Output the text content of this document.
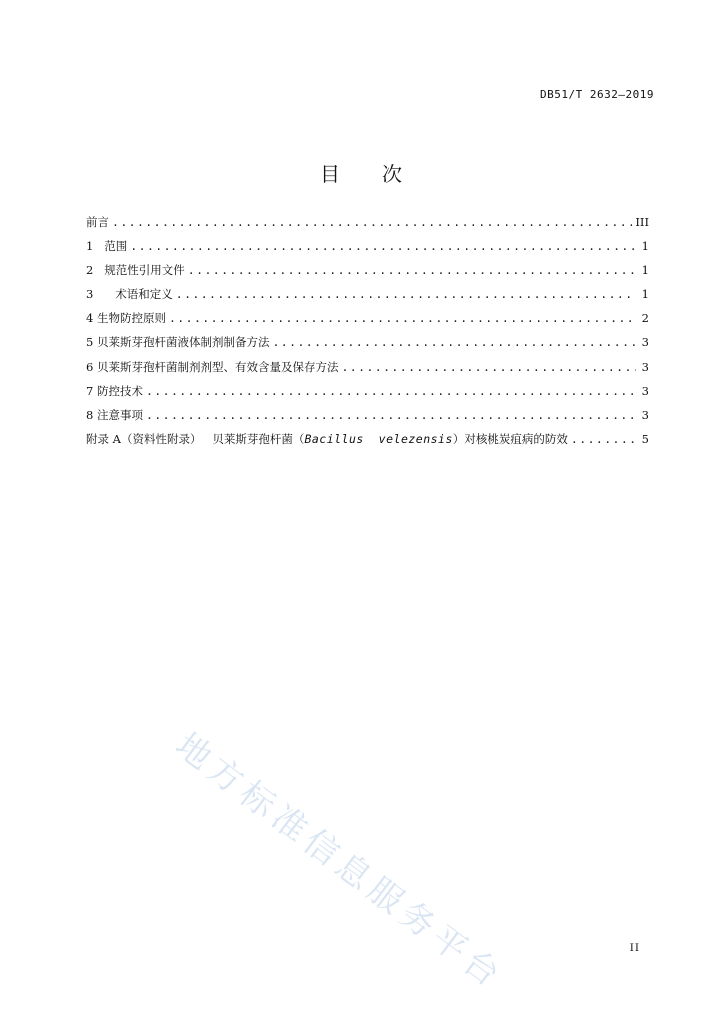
DB51/T 2632—2019
目 次
前言 .....	III
1   范围 .....	1
2   规范性引用文件 .....	1
3      术语和定义 .....	1
4 生物防控原则 .....	2
5 贝莱斯芽孢杆菌液体制剂制备方法 .....	3
6 贝莱斯芽孢杆菌制剂剂型、有效含量及保存方法 .....	3
7 防控技术 .....	3
8 注意事项 .....	3
附录 A（资料性附录）   贝莱斯芽孢杆菌（Bacillus  velezensis）对核桃炭疽病的防效 .....	5
地方标准信息服务平台	II
